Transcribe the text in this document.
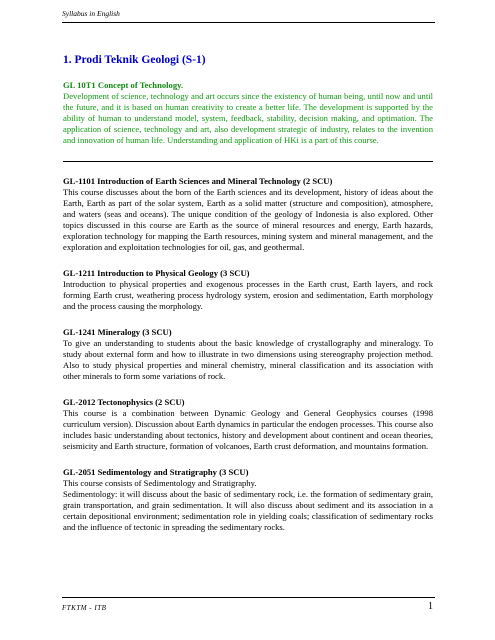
Syllabus in English
1. Prodi Teknik Geologi (S-1)
GL 10T1 Concept of Technology.
Development of science, technology and art occurs since the existency of human being, until now and until the future, and it is based on human creativity to create a better life. The development is supported by the ability of human to understand model, system, feedback, stability, decision making, and optimation. The application of science, technology and art, also development strategic of industry, relates to the invention and innovation of human life. Understanding and application of HKi is a part of this course.
GL-1101 Introduction of Earth Sciences and Mineral Technology (2 SCU)
This course discusses about the born of the Earth sciences and its development, history of ideas about the Earth, Earth as part of the solar system, Earth as a solid matter (structure and composition), atmosphere, and waters (seas and oceans). The unique condition of the geology of Indonesia is also explored. Other topics discussed in this course are Earth as the source of mineral resources and energy, Earth hazards, exploration technology for mapping the Earth resources, mining system and mineral management, and the exploration and exploitation technologies for oil, gas, and geothermal.
GL-1211 Introduction to Physical Geology (3 SCU)
Introduction to physical properties and exogenous processes in the Earth crust, Earth layers, and rock forming Earth crust, weathering process hydrology system, erosion and sedimentation, Earth morphology and the process causing the morphology.
GL-1241 Mineralogy (3 SCU)
To give an understanding to students about the basic knowledge of crystallography and mineralogy. To study about external form and how to illustrate in two dimensions using stereography projection method. Also to study physical properties and mineral chemistry, mineral classification and its association with other minerals to form some variations of rock.
GL-2012 Tectonophysics (2 SCU)
This course is a combination between Dynamic Geology and General Geophysics courses (1998 curriculum version). Discussion about Earth dynamics in particular the endogen processes. This course also includes basic understanding about tectonics, history and development about continent and ocean theories, seismicity and Earth structure, formation of volcanoes, Earth crust deformation, and mountains formation.
GL-2051 Sedimentology and Stratigraphy (3 SCU)
This course consists of Sedimentology and Stratigraphy.
Sedimentology: it will discuss about the basic of sedimentary rock, i.e. the formation of sedimentary grain, grain transportation, and grain sedimentation. It will also discuss about sediment and its association in a certain depositional environment; sedimentation role in yielding coals; classification of sedimentary rocks and the influence of tectonic in spreading the sedimentary rocks.
FTKTM - ITB	1
